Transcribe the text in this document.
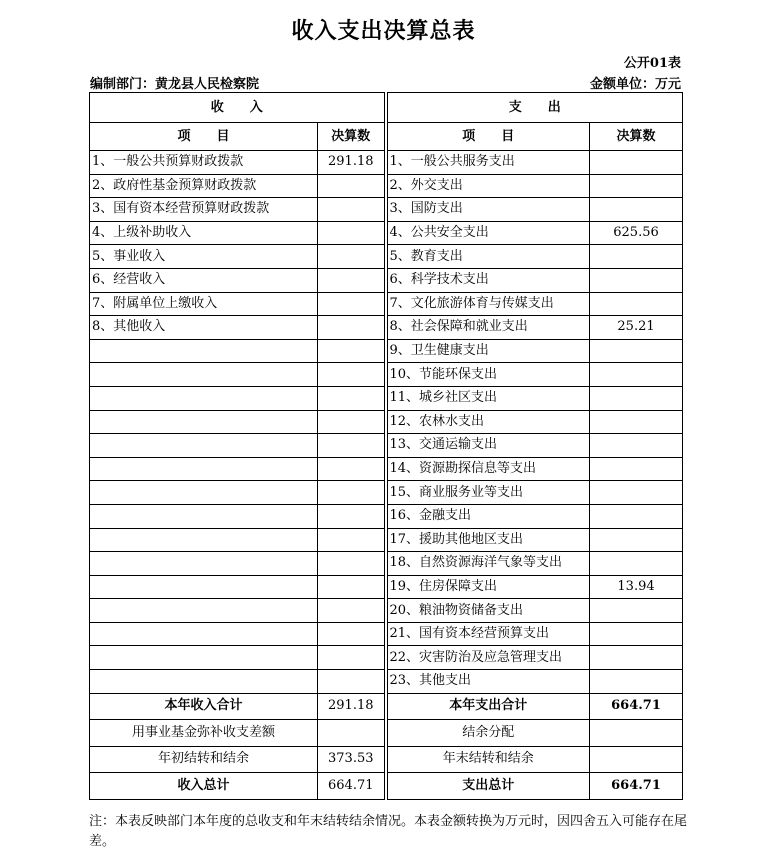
收入支出决算总表
公开01表
编制部门：黄龙县人民检察院	金额单位：万元
收　　入		支　　出	
项　　目	决算数	项　　目	决算数
1、一般公共预算财政拨款	291.18	1、一般公共服务支出	
2、政府性基金预算财政拨款		2、外交支出	
3、国有资本经营预算财政拨款		3、国防支出	
4、上级补助收入		4、公共安全支出	625.56
5、事业收入		5、教育支出	
6、经营收入		6、科学技术支出	
7、附属单位上缴收入		7、文化旅游体育与传媒支出	
8、其他收入		8、社会保障和就业支出	25.21
		9、卫生健康支出	
		10、节能环保支出	
		11、城乡社区支出	
		12、农林水支出	
		13、交通运输支出	
		14、资源勘探信息等支出	
		15、商业服务业等支出	
		16、金融支出	
		17、援助其他地区支出	
		18、自然资源海洋气象等支出	
		19、住房保障支出	13.94
		20、粮油物资储备支出	
		21、国有资本经营预算支出	
		22、灾害防治及应急管理支出	
		23、其他支出	
本年收入合计	291.18	本年支出合计	664.71
用事业基金弥补收支差额		结余分配	
年初结转和结余	373.53	年末结转和结余	
收入总计	664.71	支出总计	664.71
注：本表反映部门本年度的总收支和年末结转结余情况。本表金额转换为万元时，因四舍五入可能存在尾差。
